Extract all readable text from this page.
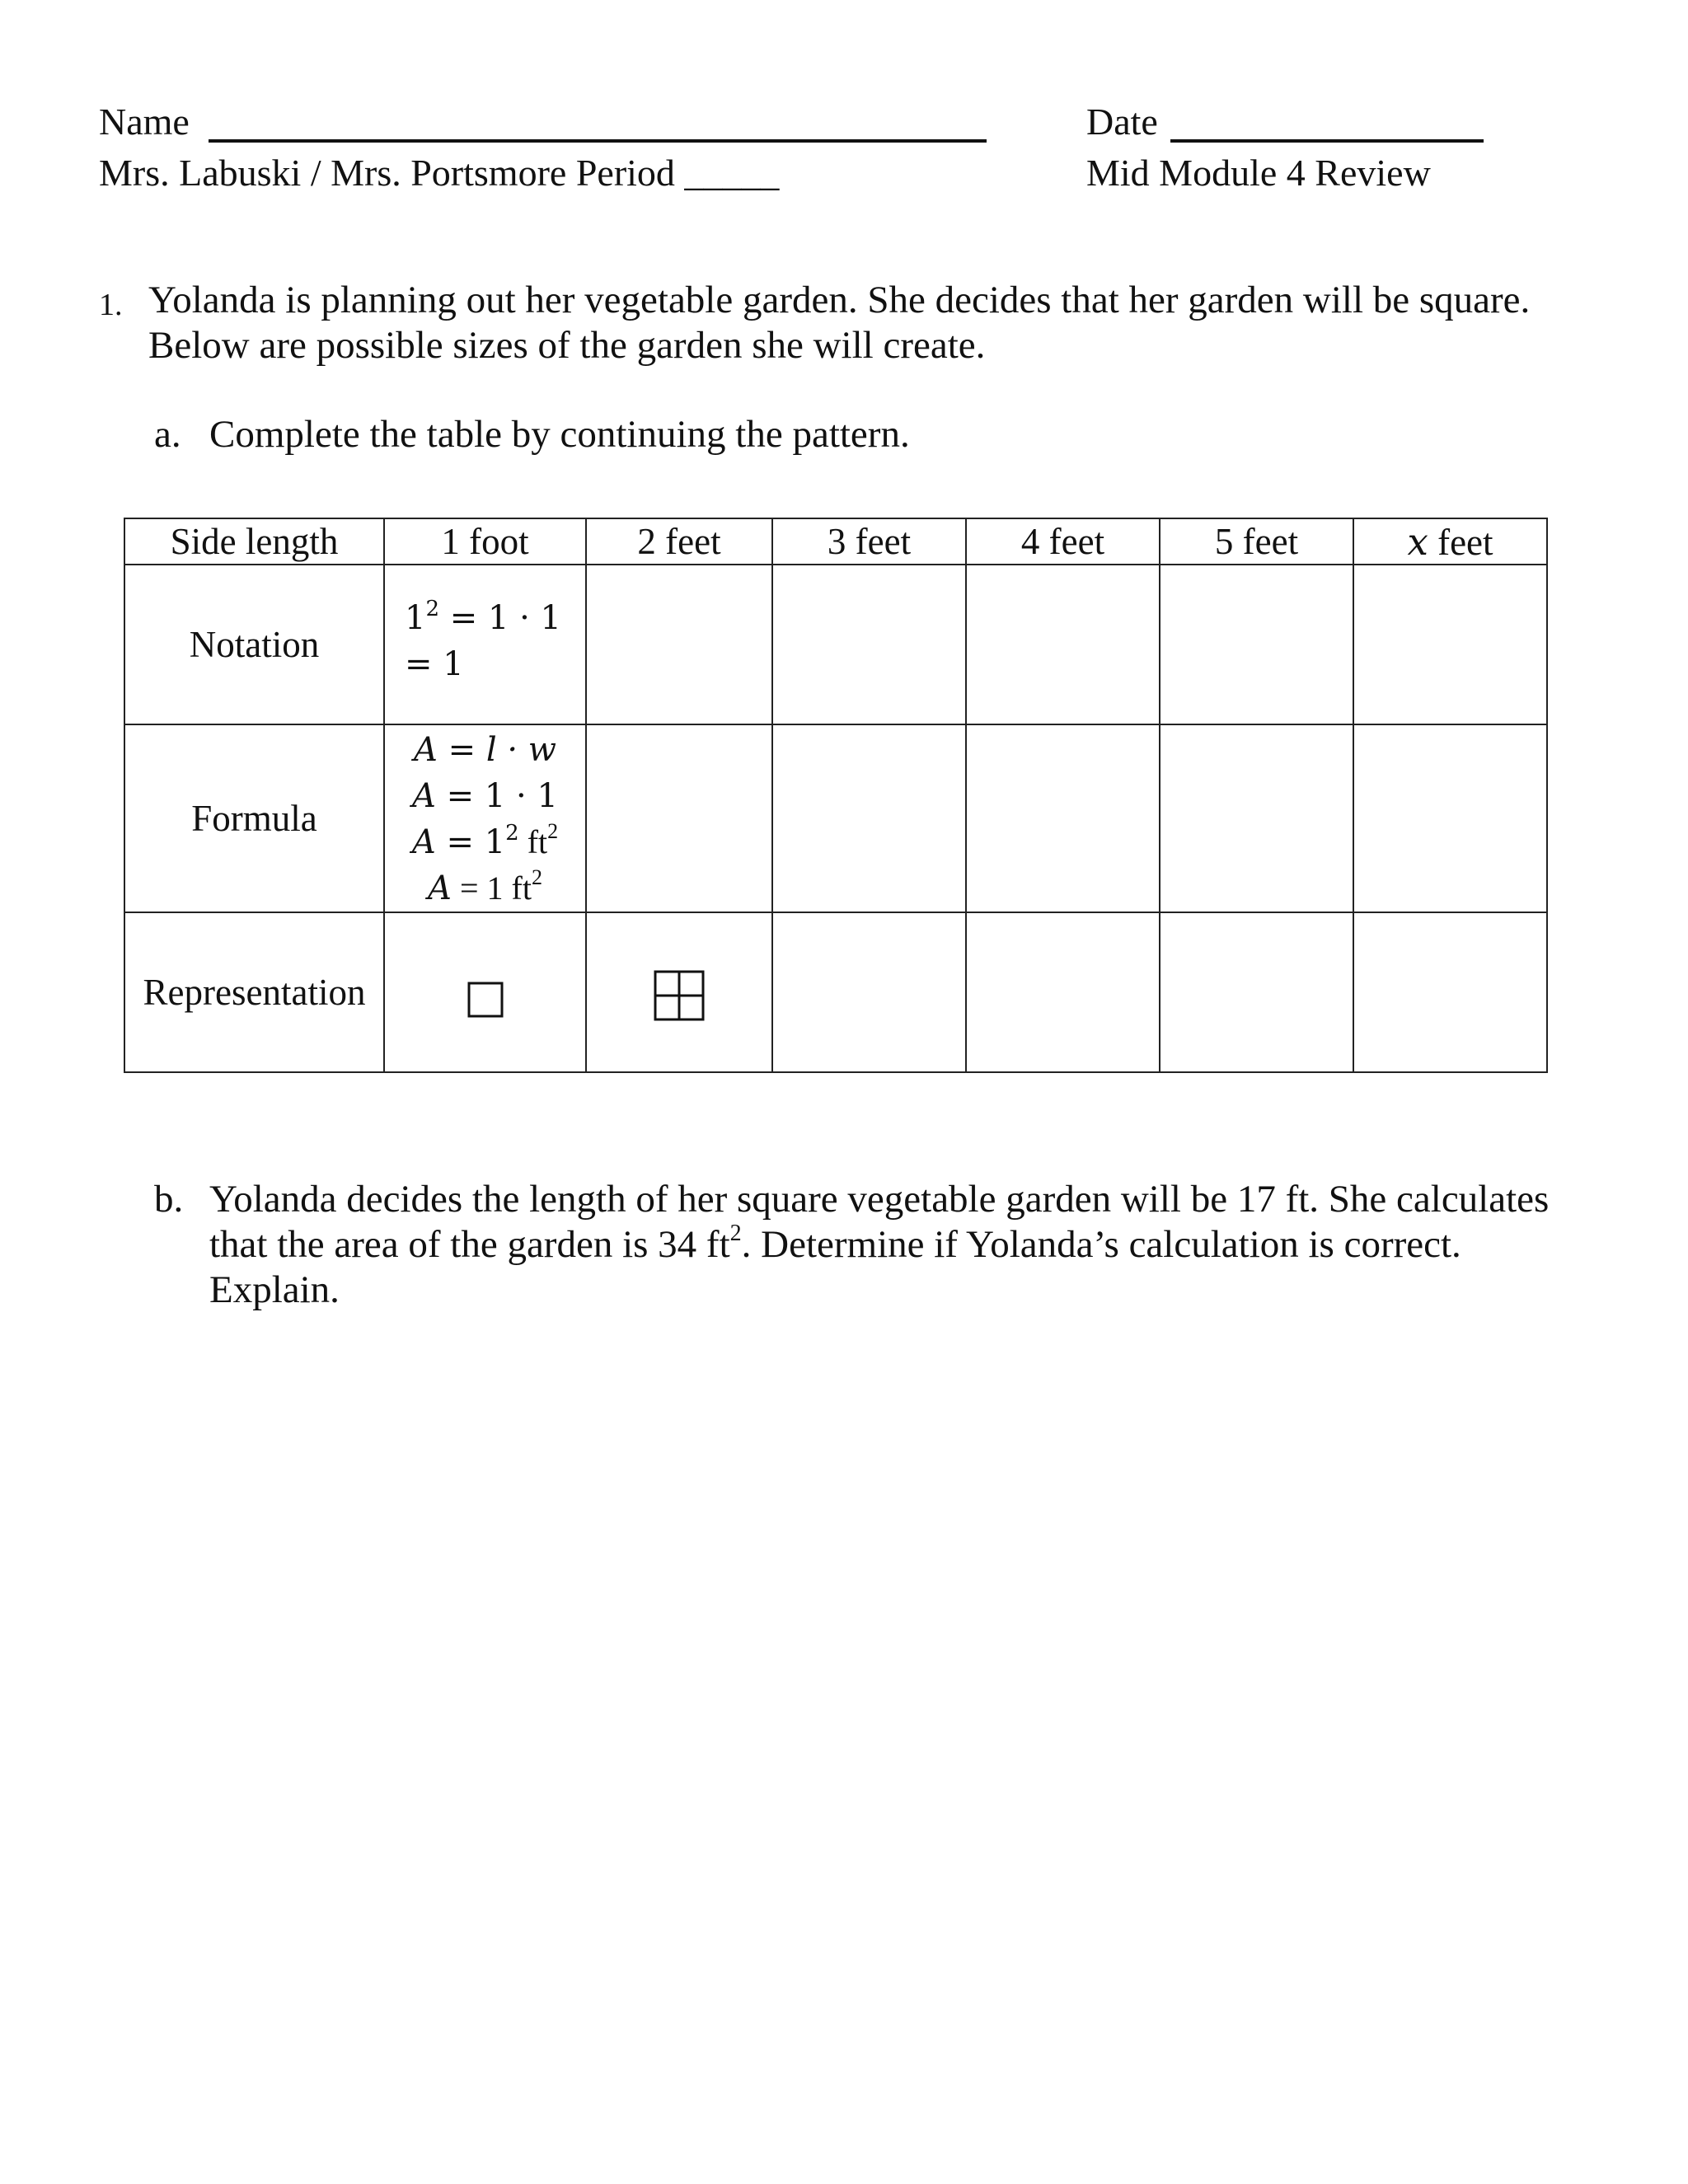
Name	Date
Mrs. Labuski / Mrs. Portsmore Period _____	Mid Module 4 Review
1. Yolanda is planning out her vegetable garden. She decides that her garden will be square.
Below are possible sizes of the garden she will create.
a. Complete the table by continuing the pattern.
Side length	1 foot	2 feet	3 feet	4 feet	5 feet	x feet
Notation	$1^2 = 1 \cdot 1$
= 1					

Formula	A = l · w
A = 1 · 1
$A = 1^2$ $ft^2$
A = 1 $ft^2$

Representation	

b. Yolanda decides the length of her square vegetable garden will be 17 ft. She calculates
that the area of the garden is 34 $ft^2$. Determine if Yolanda’s calculation is correct.
Explain.
